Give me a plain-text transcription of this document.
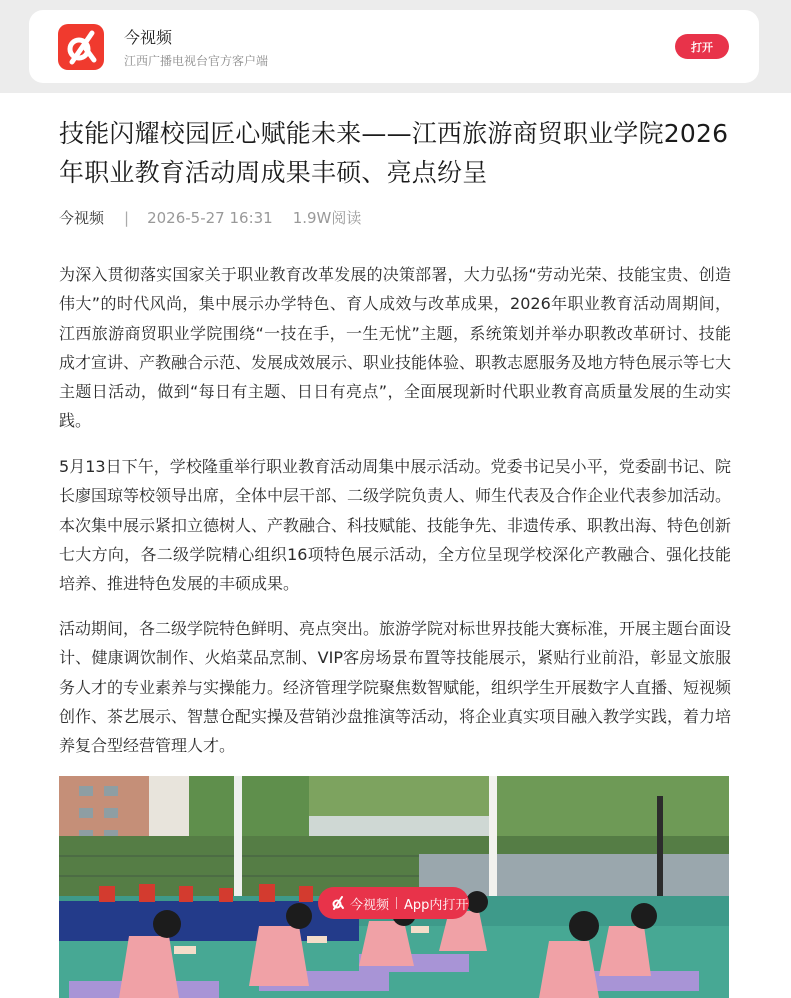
今视频
江西广播电视台官方客户端
打开
技能闪耀校园匠心赋能未来——江西旅游商贸职业学院2026年职业教育活动周成果丰硕、亮点纷呈
今视频 | 2026-5-27 16:31 1.9W阅读

为深入贯彻落实国家关于职业教育改革发展的决策部署，大力弘扬“劳动光荣、技能宝贵、创造伟大”的时代风尚，集中展示办学特色、育人成效与改革成果，2026年职业教育活动周期间，江西旅游商贸职业学院围绕“一技在手，一生无忧”主题，系统策划并举办职教改革研讨、技能成才宣讲、产教融合示范、发展成效展示、职业技能体验、职教志愿服务及地方特色展示等七大主题日活动，做到“每日有主题、日日有亮点”，全面展现新时代职业教育高质量发展的生动实践。

5月13日下午，学校隆重举行职业教育活动周集中展示活动。党委书记吴小平，党委副书记、院长廖国琼等校领导出席，全体中层干部、二级学院负责人、师生代表及合作企业代表参加活动。本次集中展示紧扣立德树人、产教融合、科技赋能、技能争先、非遗传承、职教出海、特色创新七大方向，各二级学院精心组织16项特色展示活动，全方位呈现学校深化产教融合、强化技能培养、推进特色发展的丰硕成果。

活动期间，各二级学院特色鲜明、亮点突出。旅游学院对标世界技能大赛标准，开展主题台面设计、健康调饮制作、火焰菜品烹制、VIP客房场景布置等技能展示，紧贴行业前沿，彰显文旅服务人才的专业素养与实操能力。经济管理学院聚焦数智赋能，组织学生开展数字人直播、短视频创作、茶艺展示、智慧仓配实操及营销沙盘推演等活动，将企业真实项目融入教学实践，着力培养复合型经营管理人才。

今视频 App内打开
